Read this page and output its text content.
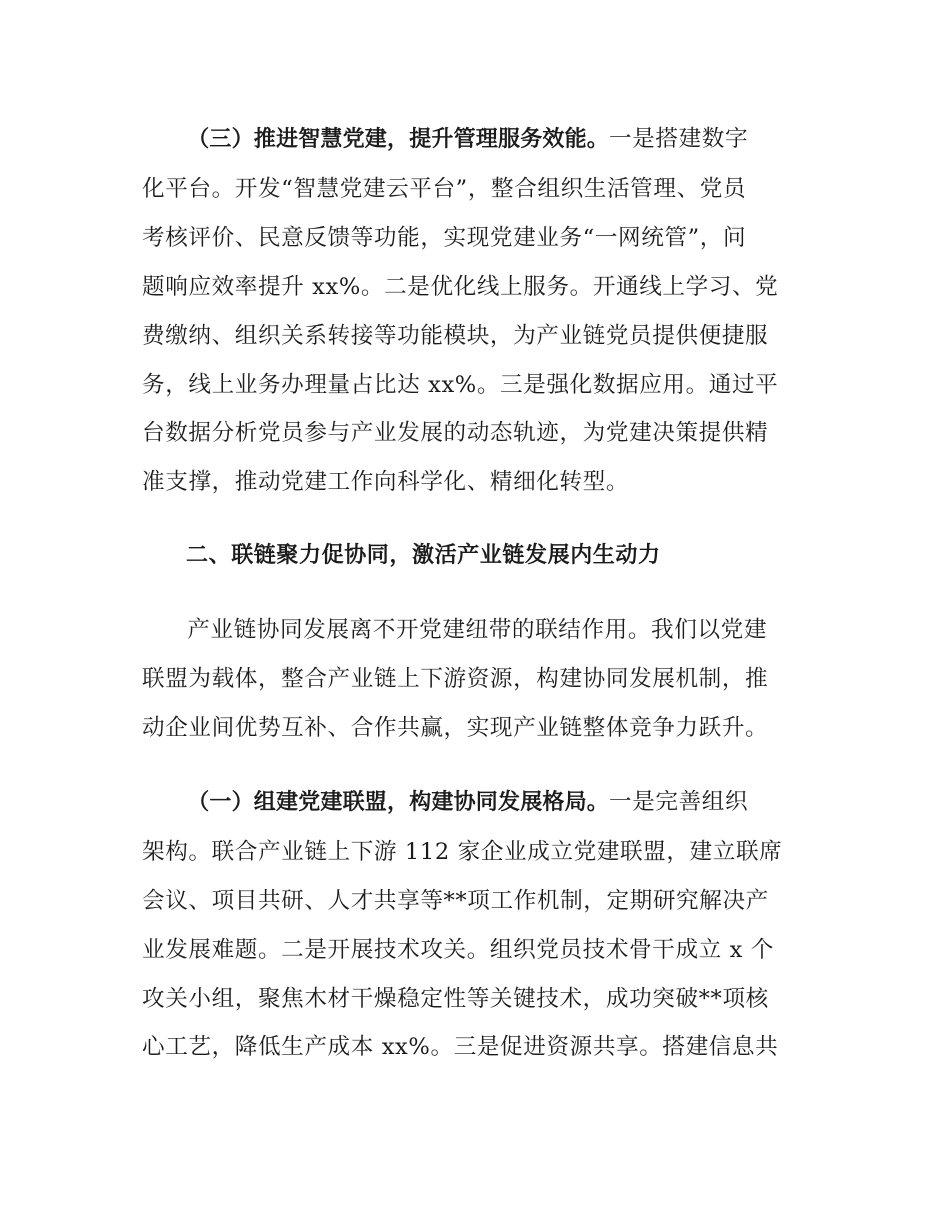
（三）推进智慧党建，提升管理服务效能。一是搭建数字
化平台。开发“智慧党建云平台”，整合组织生活管理、党员
考核评价、民意反馈等功能，实现党建业务“一网统管”，问
题响应效率提升 xx%。二是优化线上服务。开通线上学习、党
费缴纳、组织关系转接等功能模块，为产业链党员提供便捷服
务，线上业务办理量占比达 xx%。三是强化数据应用。通过平
台数据分析党员参与产业发展的动态轨迹，为党建决策提供精
准支撑，推动党建工作向科学化、精细化转型。

二、联链聚力促协同，激活产业链发展内生动力

产业链协同发展离不开党建纽带的联结作用。我们以党建
联盟为载体，整合产业链上下游资源，构建协同发展机制，推
动企业间优势互补、合作共赢，实现产业链整体竞争力跃升。
（一）组建党建联盟，构建协同发展格局。一是完善组织
架构。联合产业链上下游 112 家企业成立党建联盟，建立联席
会议、项目共研、人才共享等**项工作机制，定期研究解决产
业发展难题。二是开展技术攻关。组织党员技术骨干成立 x 个
攻关小组，聚焦木材干燥稳定性等关键技术，成功突破**项核
心工艺，降低生产成本 xx%。三是促进资源共享。搭建信息共
